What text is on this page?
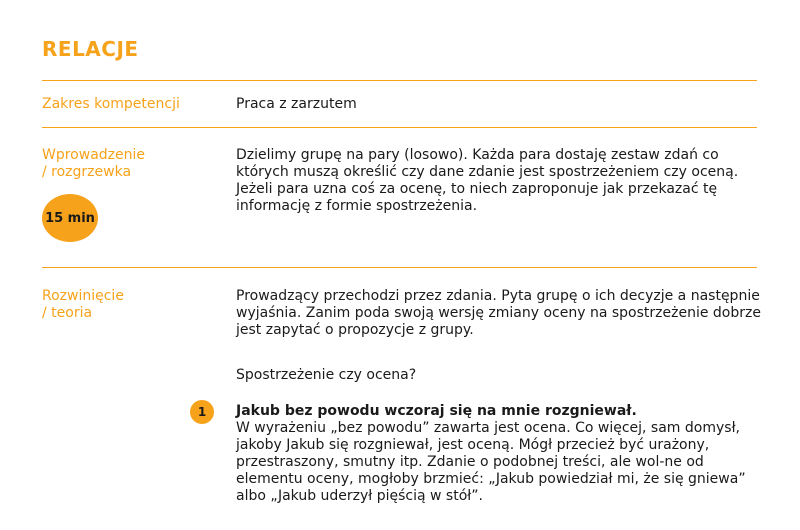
RELACJE
Zakres kompetencji	Praca z zarzutem
Wprowadzenie
/ rozgrzewka
15 min
Dzielimy grupę na pary (losowo). Każda para dostaję zestaw zdań co których muszą określić czy dane zdanie jest spostrzeżeniem czy oceną. Jeżeli para uzna coś za ocenę, to niech zaproponuje jak przekazać tę informację z formie spostrzeżenia.
Rozwinięcie
/ teoria

Prowadzący przechodzi przez zdania. Pyta grupę o ich decyzje a następnie wyjaśnia. Zanim poda swoją wersję zmiany oceny na spostrzeżenie dobrze jest zapytać o propozycje z grupy.

Spostrzeżenie czy ocena?

1	Jakub bez powodu wczoraj się na mnie rozgniewał.

W wyrażeniu „bez powodu” zawarta jest ocena. Co więcej, sam domysł, jakoby Jakub się rozgniewał, jest oceną. Mógł przecież być urażony, przestraszony, smutny itp. Zdanie o podobnej treści, ale wol-ne od elementu oceny, mogłoby brzmieć: „Jakub powiedział mi, że się gniewa” albo „Jakub uderzył pięścią w stół”.
